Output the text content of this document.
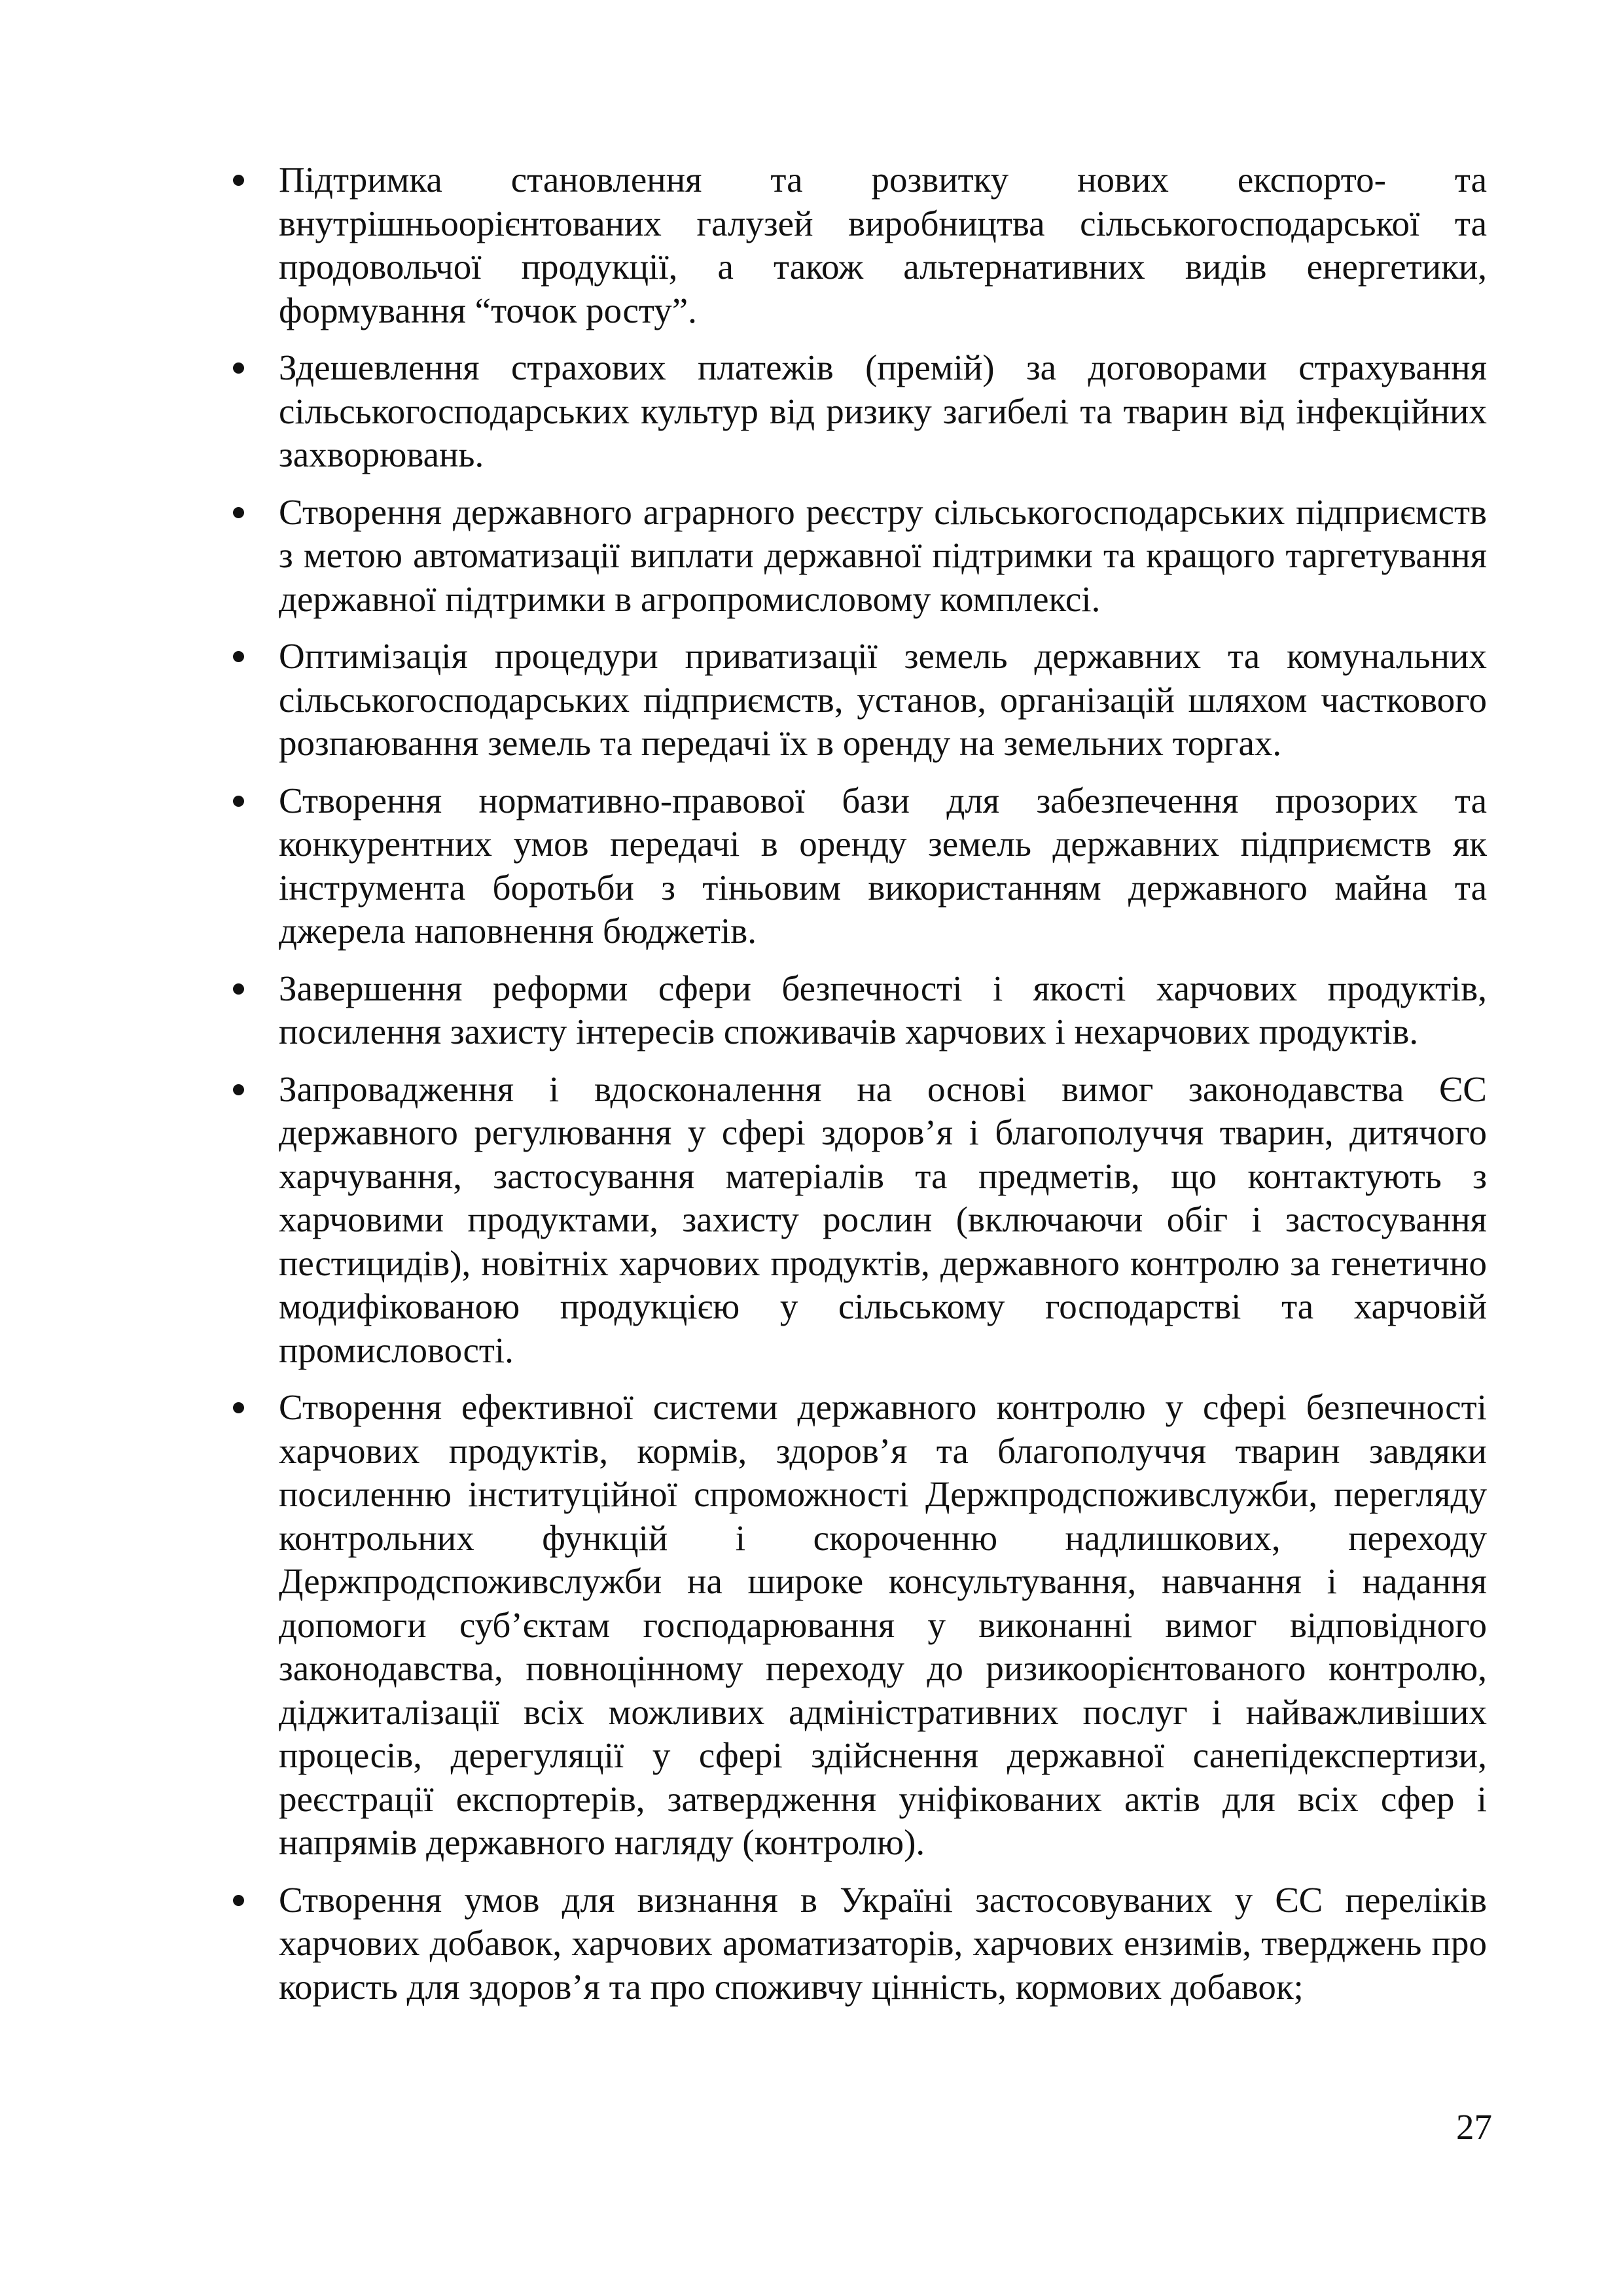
Підтримка становлення та розвитку нових експорто- та внутрішньоорієнтованих галузей виробництва сільськогосподарської та продовольчої продукції, а також альтернативних видів енергетики, формування “точок росту”.
Здешевлення страхових платежів (премій) за договорами страхування сільськогосподарських культур від ризику загибелі та тварин від інфекційних захворювань.
Створення державного аграрного реєстру сільськогосподарських підприємств з метою автоматизації виплати державної підтримки та кращого таргетування державної підтримки в агропромисловому комплексі.
Оптимізація процедури приватизації земель державних та комунальних сільськогосподарських підприємств, установ, організацій шляхом часткового розпаювання земель та передачі їх в оренду на земельних торгах.
Створення нормативно-правової бази для забезпечення прозорих та конкурентних умов передачі в оренду земель державних підприємств як інструмента боротьби з тіньовим використанням державного майна та джерела наповнення бюджетів.
Завершення реформи сфери безпечності і якості харчових продуктів, посилення захисту інтересів споживачів харчових і нехарчових продуктів.
Запровадження і вдосконалення на основі вимог законодавства ЄС державного регулювання у сфері здоров’я і благополуччя тварин, дитячого харчування, застосування матеріалів та предметів, що контактують з харчовими продуктами, захисту рослин (включаючи обіг і застосування пестицидів), новітніх харчових продуктів, державного контролю за генетично модифікованою продукцією у сільському господарстві та харчовій промисловості.
Створення ефективної системи державного контролю у сфері безпечності харчових продуктів, кормів, здоров’я та благополуччя тварин завдяки посиленню інституційної спроможності Держпродспоживслужби, перегляду контрольних функцій і скороченню надлишкових, переходу Держпродспоживслужби на широке консультування, навчання і надання допомоги суб’єктам господарювання у виконанні вимог відповідного законодавства, повноцінному переходу до ризикоорієнтованого контролю, діджиталізації всіх можливих адміністративних послуг і найважливіших процесів, дерегуляції у сфері здійснення державної санепідекспертизи, реєстрації експортерів, затвердження уніфікованих актів для всіх сфер і напрямів державного нагляду (контролю).
Створення умов для визнання в Україні застосовуваних у ЄС переліків харчових добавок, харчових ароматизаторів, харчових ензимів, тверджень про користь для здоров’я та про споживчу цінність, кормових добавок;
27
